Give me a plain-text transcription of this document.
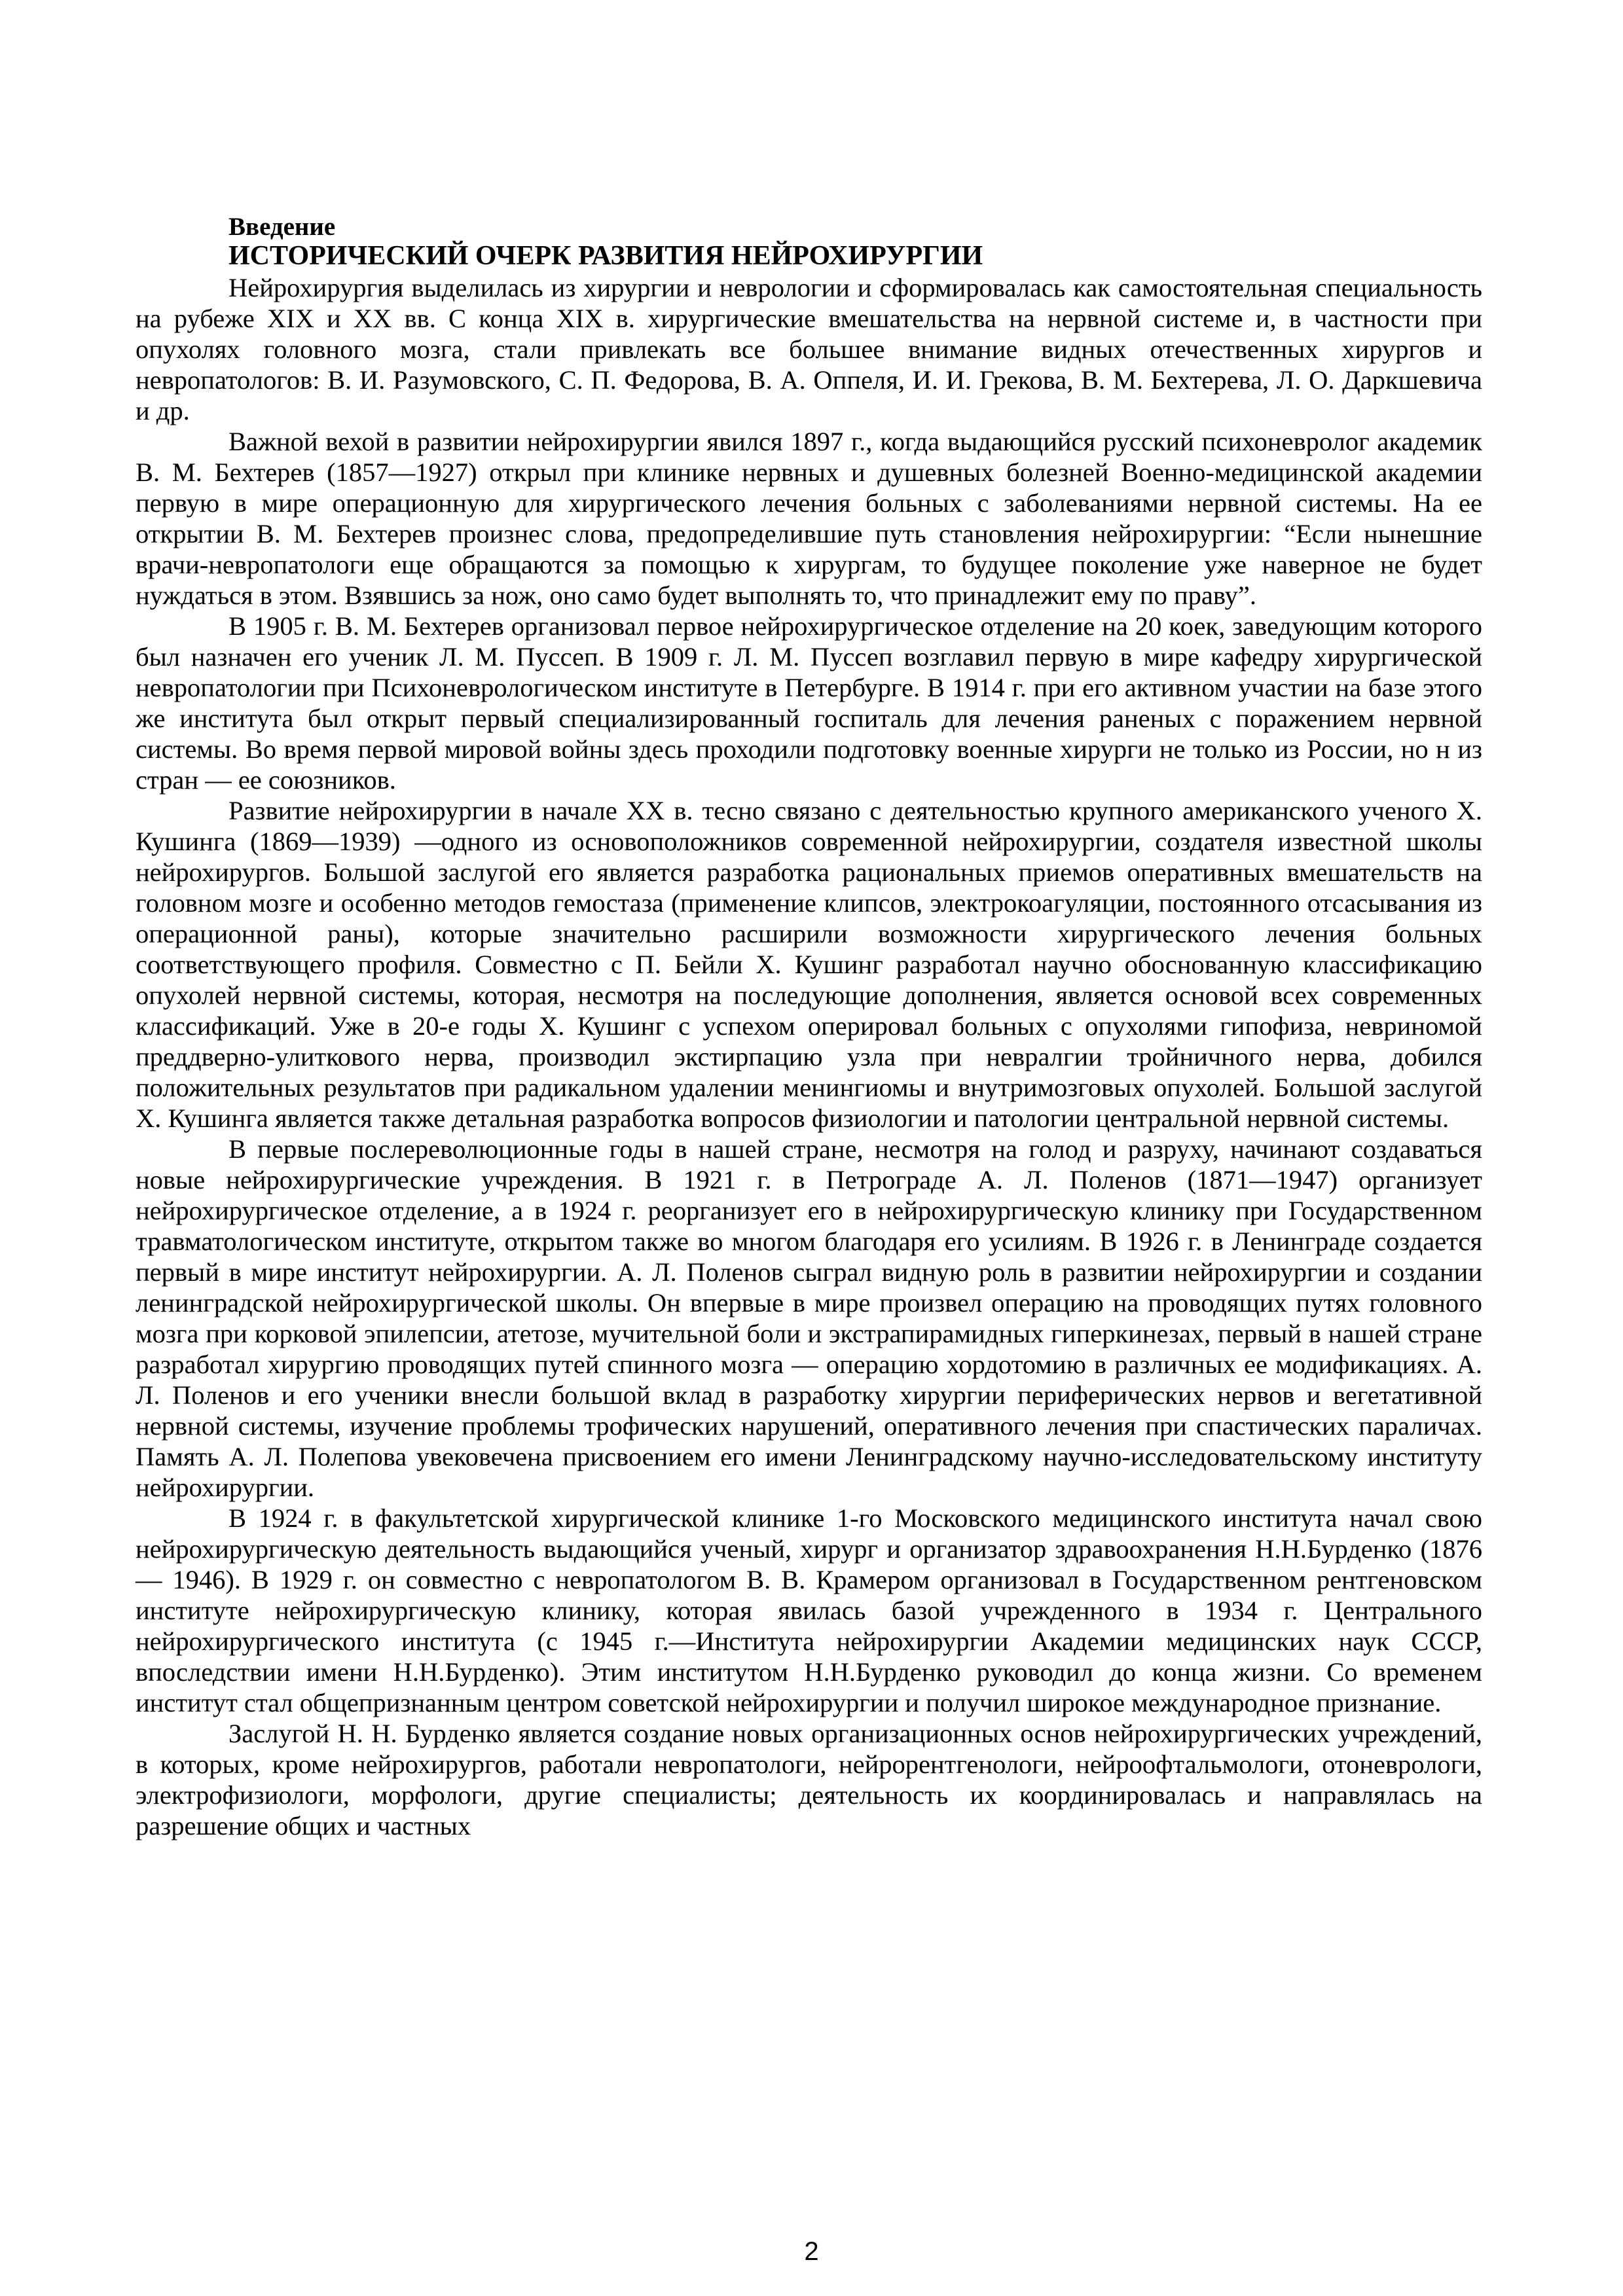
Введение
ИСТОРИЧЕСКИЙ ОЧЕРК РАЗВИТИЯ НЕЙРОХИРУРГИИ

Нейрохирургия выделилась из хирургии и неврологии и сформировалась как самостоятельная специальность на рубеже XIX и XX вв. С конца XIX в. хирургические вмешательства на нервной системе и, в частности при опухолях головного мозга, стали привлекать все большее внимание видных отечественных хирургов и невропатологов: В. И. Разумовского, С. П. Федорова, В. А. Оппеля, И. И. Грекова, В. М. Бехтерева, Л. О. Даркшевича и др.

Важной вехой в развитии нейрохирургии явился 1897 г., когда выдающийся русский психоневролог академик В. М. Бехтерев (1857—1927) открыл при клинике нервных и душевных болезней Военно-медицинской академии первую в мире операционную для хирургического лечения больных с заболеваниями нервной системы. На ее открытии В. М. Бехтерев произнес слова, предопределившие путь становления нейрохирургии: “Если нынешние врачи-невропатологи еще обращаются за помощью к хирургам, то будущее поколение уже наверное не будет нуждаться в этом. Взявшись за нож, оно само будет выполнять то, что принадлежит ему по праву”.

В 1905 г. В. М. Бехтерев организовал первое нейрохирургическое отделение на 20 коек, заведующим которого был назначен его ученик Л. М. Пуссеп. В 1909 г. Л. М. Пуссеп возглавил первую в мире кафедру хирургической невропатологии при Психоневрологическом институте в Петербурге. В 1914 г. при его активном участии на базе этого же института был открыт первый специализированный госпиталь для лечения раненых с поражением нервной системы. Во время первой мировой войны здесь проходили подготовку военные хирурги не только из России, но н из стран — ее союзников.

Развитие нейрохирургии в начале XX в. тесно связано с деятельностью крупного американского ученого X. Кушинга (1869—1939) —одного из основоположников современной нейрохирургии, создателя известной школы нейрохирургов. Большой заслугой его является разработка рациональных приемов оперативных вмешательств на головном мозге и особенно методов гемостаза (применение клипсов, электрокоагуляции, постоянного отсасывания из операционной раны), которые значительно расширили возможности хирургического лечения больных соответствующего профиля. Совместно с П. Бейли X. Кушинг разработал научно обоснованную классификацию опухолей нервной системы, которая, несмотря на последующие дополнения, является основой всех современных классификаций. Уже в 20-е годы X. Кушинг с успехом оперировал больных с опухолями гипофиза, невриномой преддверно-улиткового нерва, производил экстирпацию узла при невралгии тройничного нерва, добился положительных результатов при радикальном удалении менингиомы и внутримозговых опухолей. Большой заслугой X. Кушинга является также детальная разработка вопросов физиологии и патологии центральной нервной системы.

В первые послереволюционные годы в нашей стране, несмотря на голод и разруху, начинают создаваться новые нейрохирургические учреждения. В 1921 г. в Петрограде А. Л. Поленов (1871—1947) организует нейрохирургическое отделение, а в 1924 г. реорганизует его в нейрохирургическую клинику при Государственном травматологическом институте, открытом также во многом благодаря его усилиям. В 1926 г. в Ленинграде создается первый в мире институт нейрохирургии. А. Л. Поленов сыграл видную роль в развитии нейрохирургии и создании ленинградской нейрохирургической школы. Он впервые в мире произвел операцию на проводящих путях головного мозга при корковой эпилепсии, атетозе, мучительной боли и экстрапирамидных гиперкинезах, первый в нашей стране разработал хирургию проводящих путей спинного мозга — операцию хордотомию в различных ее модификациях. А. Л. Поленов и его ученики внесли большой вклад в разработку хирургии периферических нервов и вегетативной нервной системы, изучение проблемы трофических нарушений, оперативного лечения при спастических параличах. Память А. Л. Полепова увековечена присвоением его имени Ленинградскому научно-исследовательскому институту нейрохирургии.

В 1924 г. в факультетской хирургической клинике 1-го Московского медицинского института начал свою нейрохирургическую деятельность выдающийся ученый, хирург и организатор здравоохранения Н.Н.Бурденко (1876— 1946). В 1929 г. он совместно с невропатологом В. В. Крамером организовал в Государственном рентгеновском институте нейрохирургическую клинику, которая явилась базой учрежденного в 1934 г. Центрального нейрохирургического института (с 1945 г.—Института нейрохирургии Академии медицинских наук СССР, впоследствии имени Н.Н.Бурденко). Этим институтом Н.Н.Бурденко руководил до конца жизни. Со временем институт стал общепризнанным центром советской нейрохирургии и получил широкое международное признание.

Заслугой Н. Н. Бурденко является создание новых организационных основ нейрохирургических учреждений, в которых, кроме нейрохирургов, работали невропатологи, нейрорентгенологи, нейроофтальмологи, отоневрологи, электрофизиологи, морфологи, другие специалисты; деятельность их координировалась и направлялась на разрешение общих и частных

2
